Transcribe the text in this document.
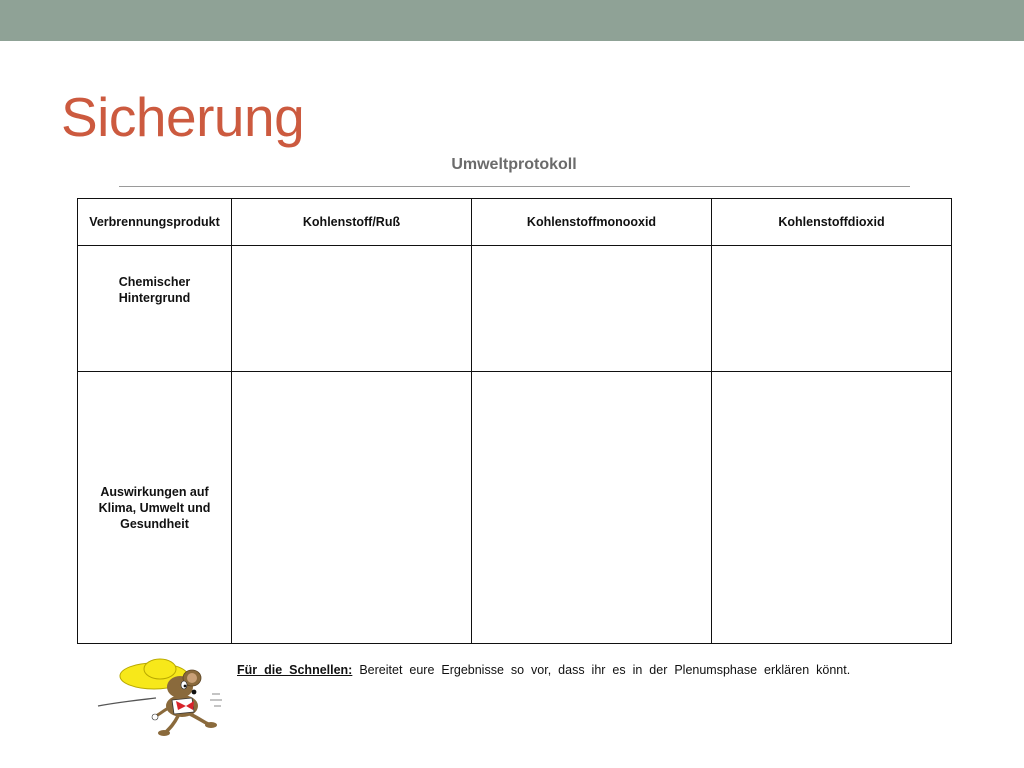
Sicherung
Umweltprotokoll
Verbrennungsprodukt	Kohlenstoff/Ruß	Kohlenstoffmonooxid	Kohlenstoffdioxid

Chemischer
Hintergrund			

Auswirkungen auf
Klima, Umwelt und
Gesundheit			

Für die Schnellen: Bereitet eure Ergebnisse so vor, dass ihr es in der Plenumsphase erklären könnt.
